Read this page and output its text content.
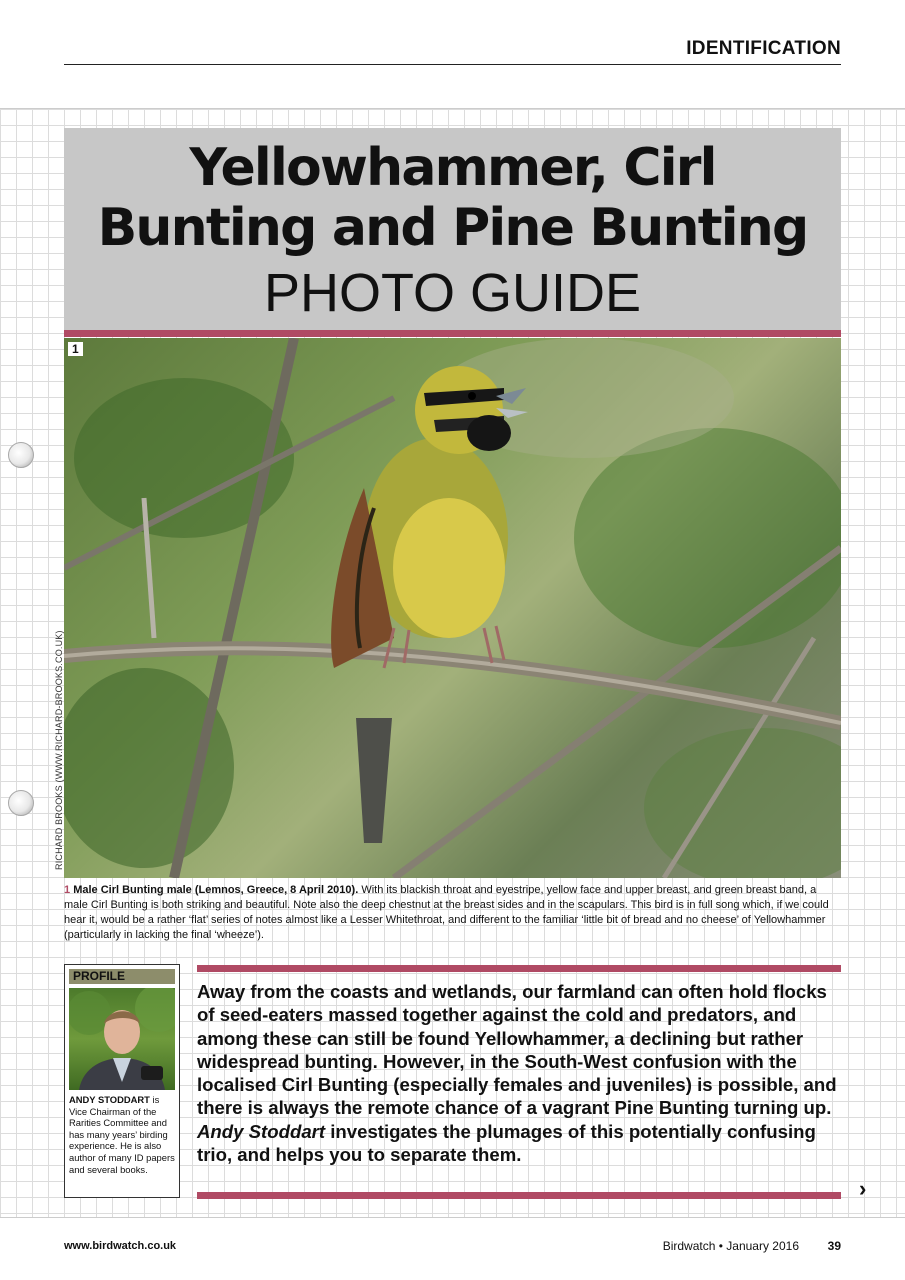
IDENTIFICATION
Yellowhammer, Cirl
Bunting and Pine Bunting
PHOTO GUIDE
1
RICHARD BROOKS (WWW.RICHARD-BROOKS.CO.UK)
1 Male Cirl Bunting male (Lemnos, Greece, 8 April 2010). With its blackish throat and eyestripe, yellow face and upper breast, and green breast band, a male Cirl Bunting is both striking and beautiful. Note also the deep chestnut at the breast sides and in the scapulars. This bird is in full song which, if we could hear it, would be a rather ‘flat’ series of notes almost like a Lesser Whitethroat, and different to the familiar ‘little bit of bread and no cheese’ of Yellowhammer (particularly in lacking the final ‘wheeze’).
PROFILE
ANDY STODDART is Vice Chairman of the Rarities Committee and has many years’ birding experience. He is also author of many ID papers and several books.
Away from the coasts and wetlands, our farmland can often hold flocks of seed-eaters massed together against the cold and predators, and among these can still be found Yellowhammer, a declining but rather widespread bunting. However, in the South-West confusion with the localised Cirl Bunting (especially females and juveniles) is possible, and there is always the remote chance of a vagrant Pine Bunting turning up. Andy Stoddart investigates the plumages of this potentially confusing trio, and helps you to separate them.
›
www.birdwatch.co.uk	Birdwatch • January 2016 39
